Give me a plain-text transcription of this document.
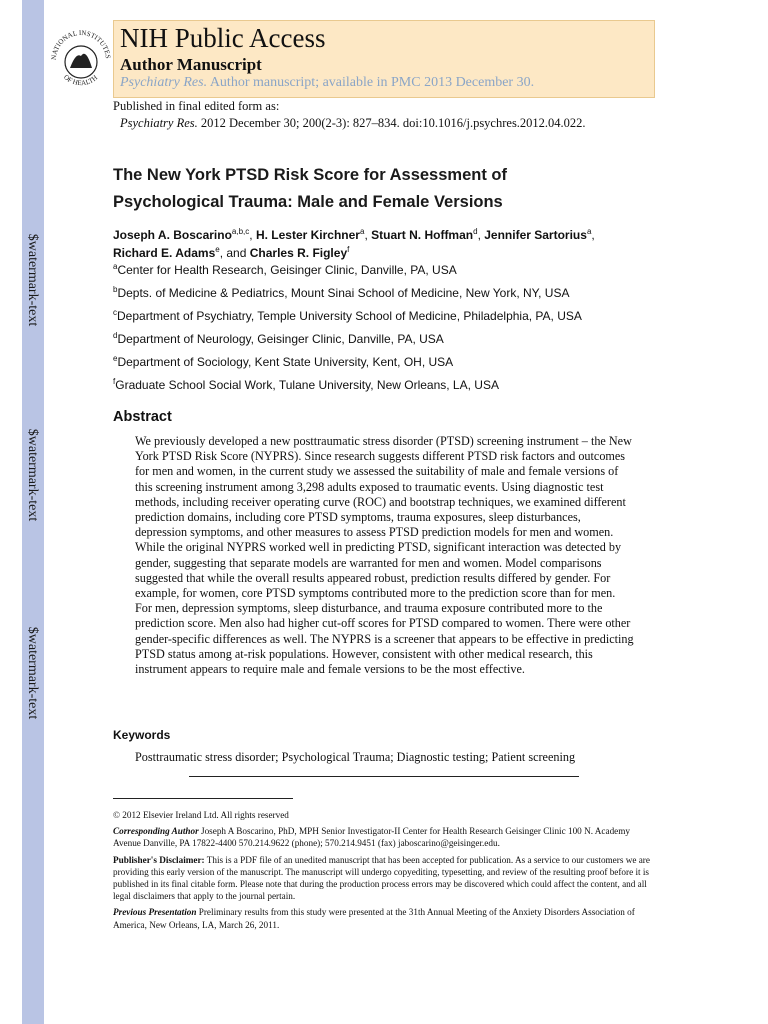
$watermark-text
$watermark-text
$watermark-text
NATIONAL INSTITUTES
OF HEALTH
NIH Public Access
Author Manuscript
Psychiatry Res. Author manuscript; available in PMC 2013 December 30.
Published in final edited form as:
Psychiatry Res. 2012 December 30; 200(2-3): 827–834. doi:10.1016/j.psychres.2012.04.022.
The New York PTSD Risk Score for Assessment of
Psychological Trauma: Male and Female Versions
Joseph A. Boscarino$^{a,b,c}$, H. Lester Kirchner$^a$, Stuart N. Hoffman$^d$, Jennifer Sartorius$^a$,
Richard E. Adams$^e$, and Charles R. Figley$^f$
$^a$Center for Health Research, Geisinger Clinic, Danville, PA, USA
$^b$Depts. of Medicine & Pediatrics, Mount Sinai School of Medicine, New York, NY, USA
$^c$Department of Psychiatry, Temple University School of Medicine, Philadelphia, PA, USA
$^d$Department of Neurology, Geisinger Clinic, Danville, PA, USA
$^e$Department of Sociology, Kent State University, Kent, OH, USA
$^f$Graduate School Social Work, Tulane University, New Orleans, LA, USA
Abstract
We previously developed a new posttraumatic stress disorder (PTSD) screening instrument – the New York PTSD Risk Score (NYPRS). Since research suggests different PTSD risk factors and outcomes for men and women, in the current study we assessed the suitability of male and female versions of this screening instrument among 3,298 adults exposed to traumatic events. Using diagnostic test methods, including receiver operating curve (ROC) and bootstrap techniques, we examined different prediction domains, including core PTSD symptoms, trauma exposures, sleep disturbances, depression symptoms, and other measures to assess PTSD prediction models for men and women. While the original NYPRS worked well in predicting PTSD, significant interaction was detected by gender, suggesting that separate models are warranted for men and women. Model comparisons suggested that while the overall results appeared robust, prediction results differed by gender. For example, for women, core PTSD symptoms contributed more to the prediction score than for men. For men, depression symptoms, sleep disturbance, and trauma exposure contributed more to the prediction score. Men also had higher cut-off scores for PTSD compared to women. There were other gender-specific differences as well. The NYPRS is a screener that appears to be effective in predicting PTSD status among at-risk populations. However, consistent with other medical research, this instrument appears to require male and female versions to be the most effective.
Keywords
Posttraumatic stress disorder; Psychological Trauma; Diagnostic testing; Patient screening

© 2012 Elsevier Ireland Ltd. All rights reserved

Corresponding Author Joseph A Boscarino, PhD, MPH Senior Investigator-II Center for Health Research Geisinger Clinic 100 N. Academy Avenue Danville, PA 17822-4400 570.214.9622 (phone); 570.214.9451 (fax) jaboscarino@geisinger.edu.

Publisher's Disclaimer: This is a PDF file of an unedited manuscript that has been accepted for publication. As a service to our customers we are providing this early version of the manuscript. The manuscript will undergo copyediting, typesetting, and review of the resulting proof before it is published in its final citable form. Please note that during the production process errors may be discovered which could affect the content, and all legal disclaimers that apply to the journal pertain.

Previous Presentation Preliminary results from this study were presented at the 31th Annual Meeting of the Anxiety Disorders Association of America, New Orleans, LA, March 26, 2011.
